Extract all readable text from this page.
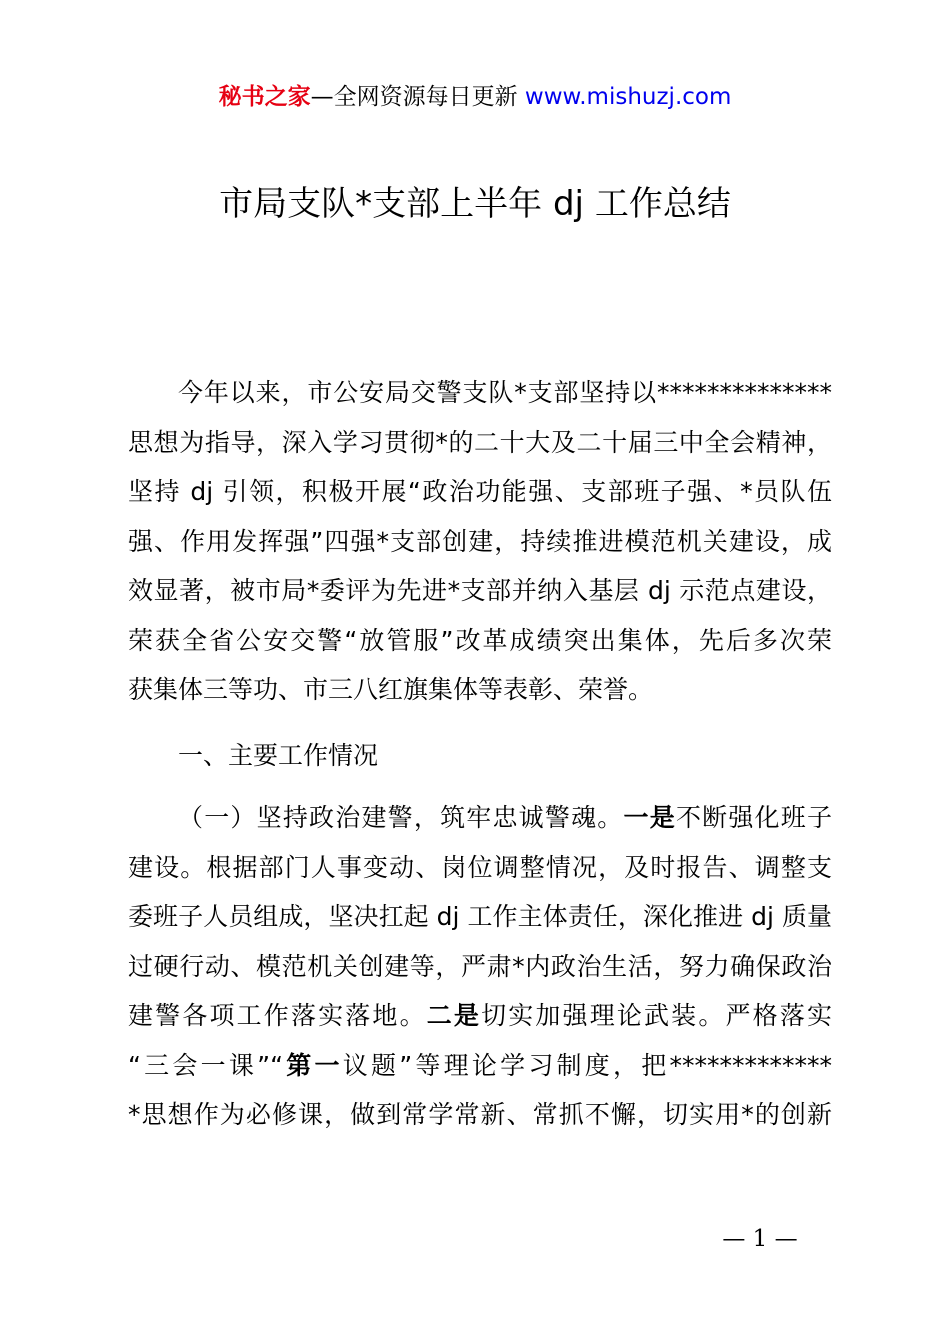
秘书之家—全网资源每日更新 www.mishuzj.com
市局支队*支部上半年 dj 工作总结
今年以来，市公安局交警支队*支部坚持以**************
思想为指导，深入学习贯彻*的二十大及二十届三中全会精神，
坚持 dj 引领，积极开展“政治功能强、支部班子强、*员队伍
强、作用发挥强”四强*支部创建，持续推进模范机关建设，成
效显著，被市局*委评为先进*支部并纳入基层 dj 示范点建设，
荣获全省公安交警“放管服”改革成绩突出集体，先后多次荣
获集体三等功、市三八红旗集体等表彰、荣誉。
一、主要工作情况
（一）坚持政治建警，筑牢忠诚警魂。一是不断强化班子
建设。根据部门人事变动、岗位调整情况，及时报告、调整支
委班子人员组成，坚决扛起 dj 工作主体责任，深化推进 dj 质量
过硬行动、模范机关创建等，严肃*内政治生活，努力确保政治
建警各项工作落实落地。二是切实加强理论武装。严格落实
“三会一课”“第一议题”等理论学习制度，把*************
*思想作为必修课，做到常学常新、常抓不懈，切实用*的创新
— 1 —
